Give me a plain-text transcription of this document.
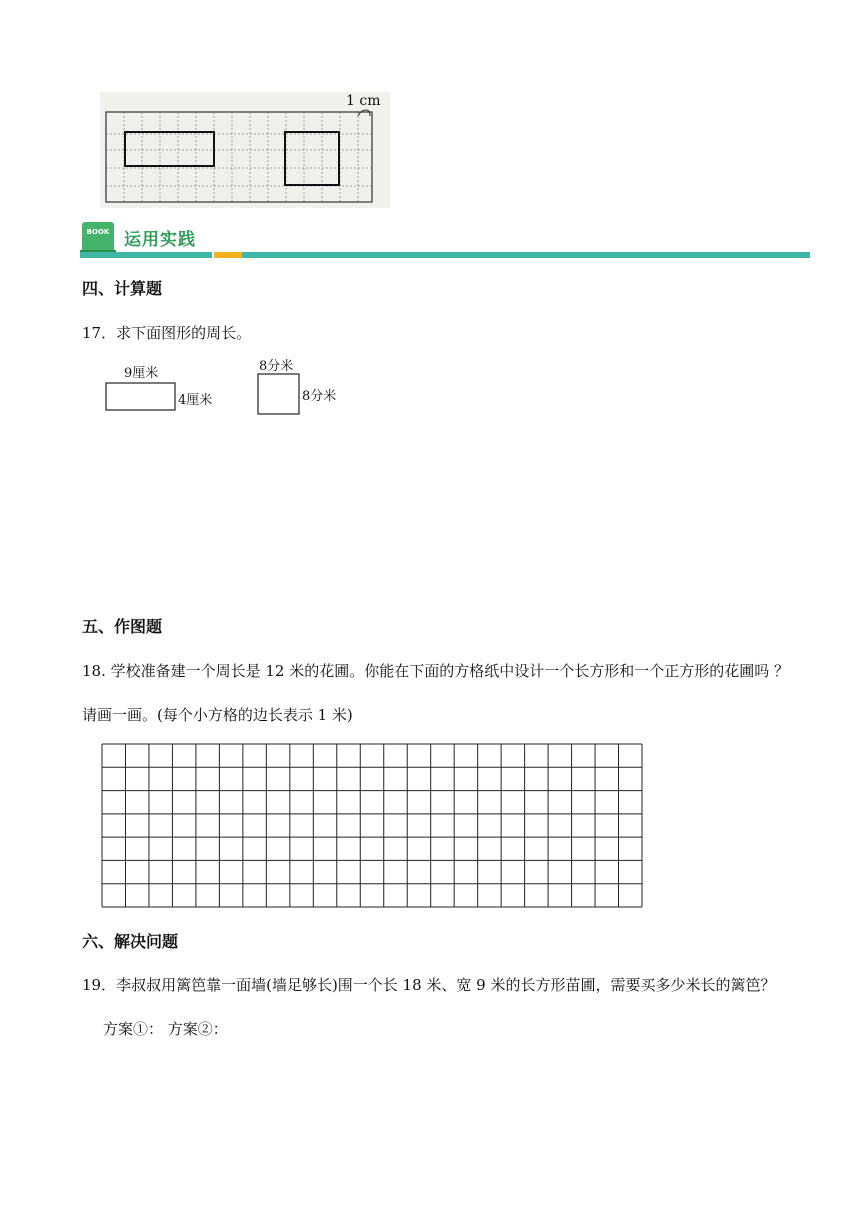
1 cm
BOOK 运用实践
四、计算题
17．求下面图形的周长。
9厘米
4厘米
8分米
8分米
五、作图题
18. 学校准备建一个周长是 12 米的花圃。你能在下面的方格纸中设计一个长方形和一个正方形的花圃吗 ？
请画一画。(每个小方格的边长表示 1 米)
六、解决问题
19．李叔叔用篱笆靠一面墙(墙足够长)围一个长 18 米、宽 9 米的长方形苗圃，需要买多少米长的篱笆？
方案①： 方案②：
